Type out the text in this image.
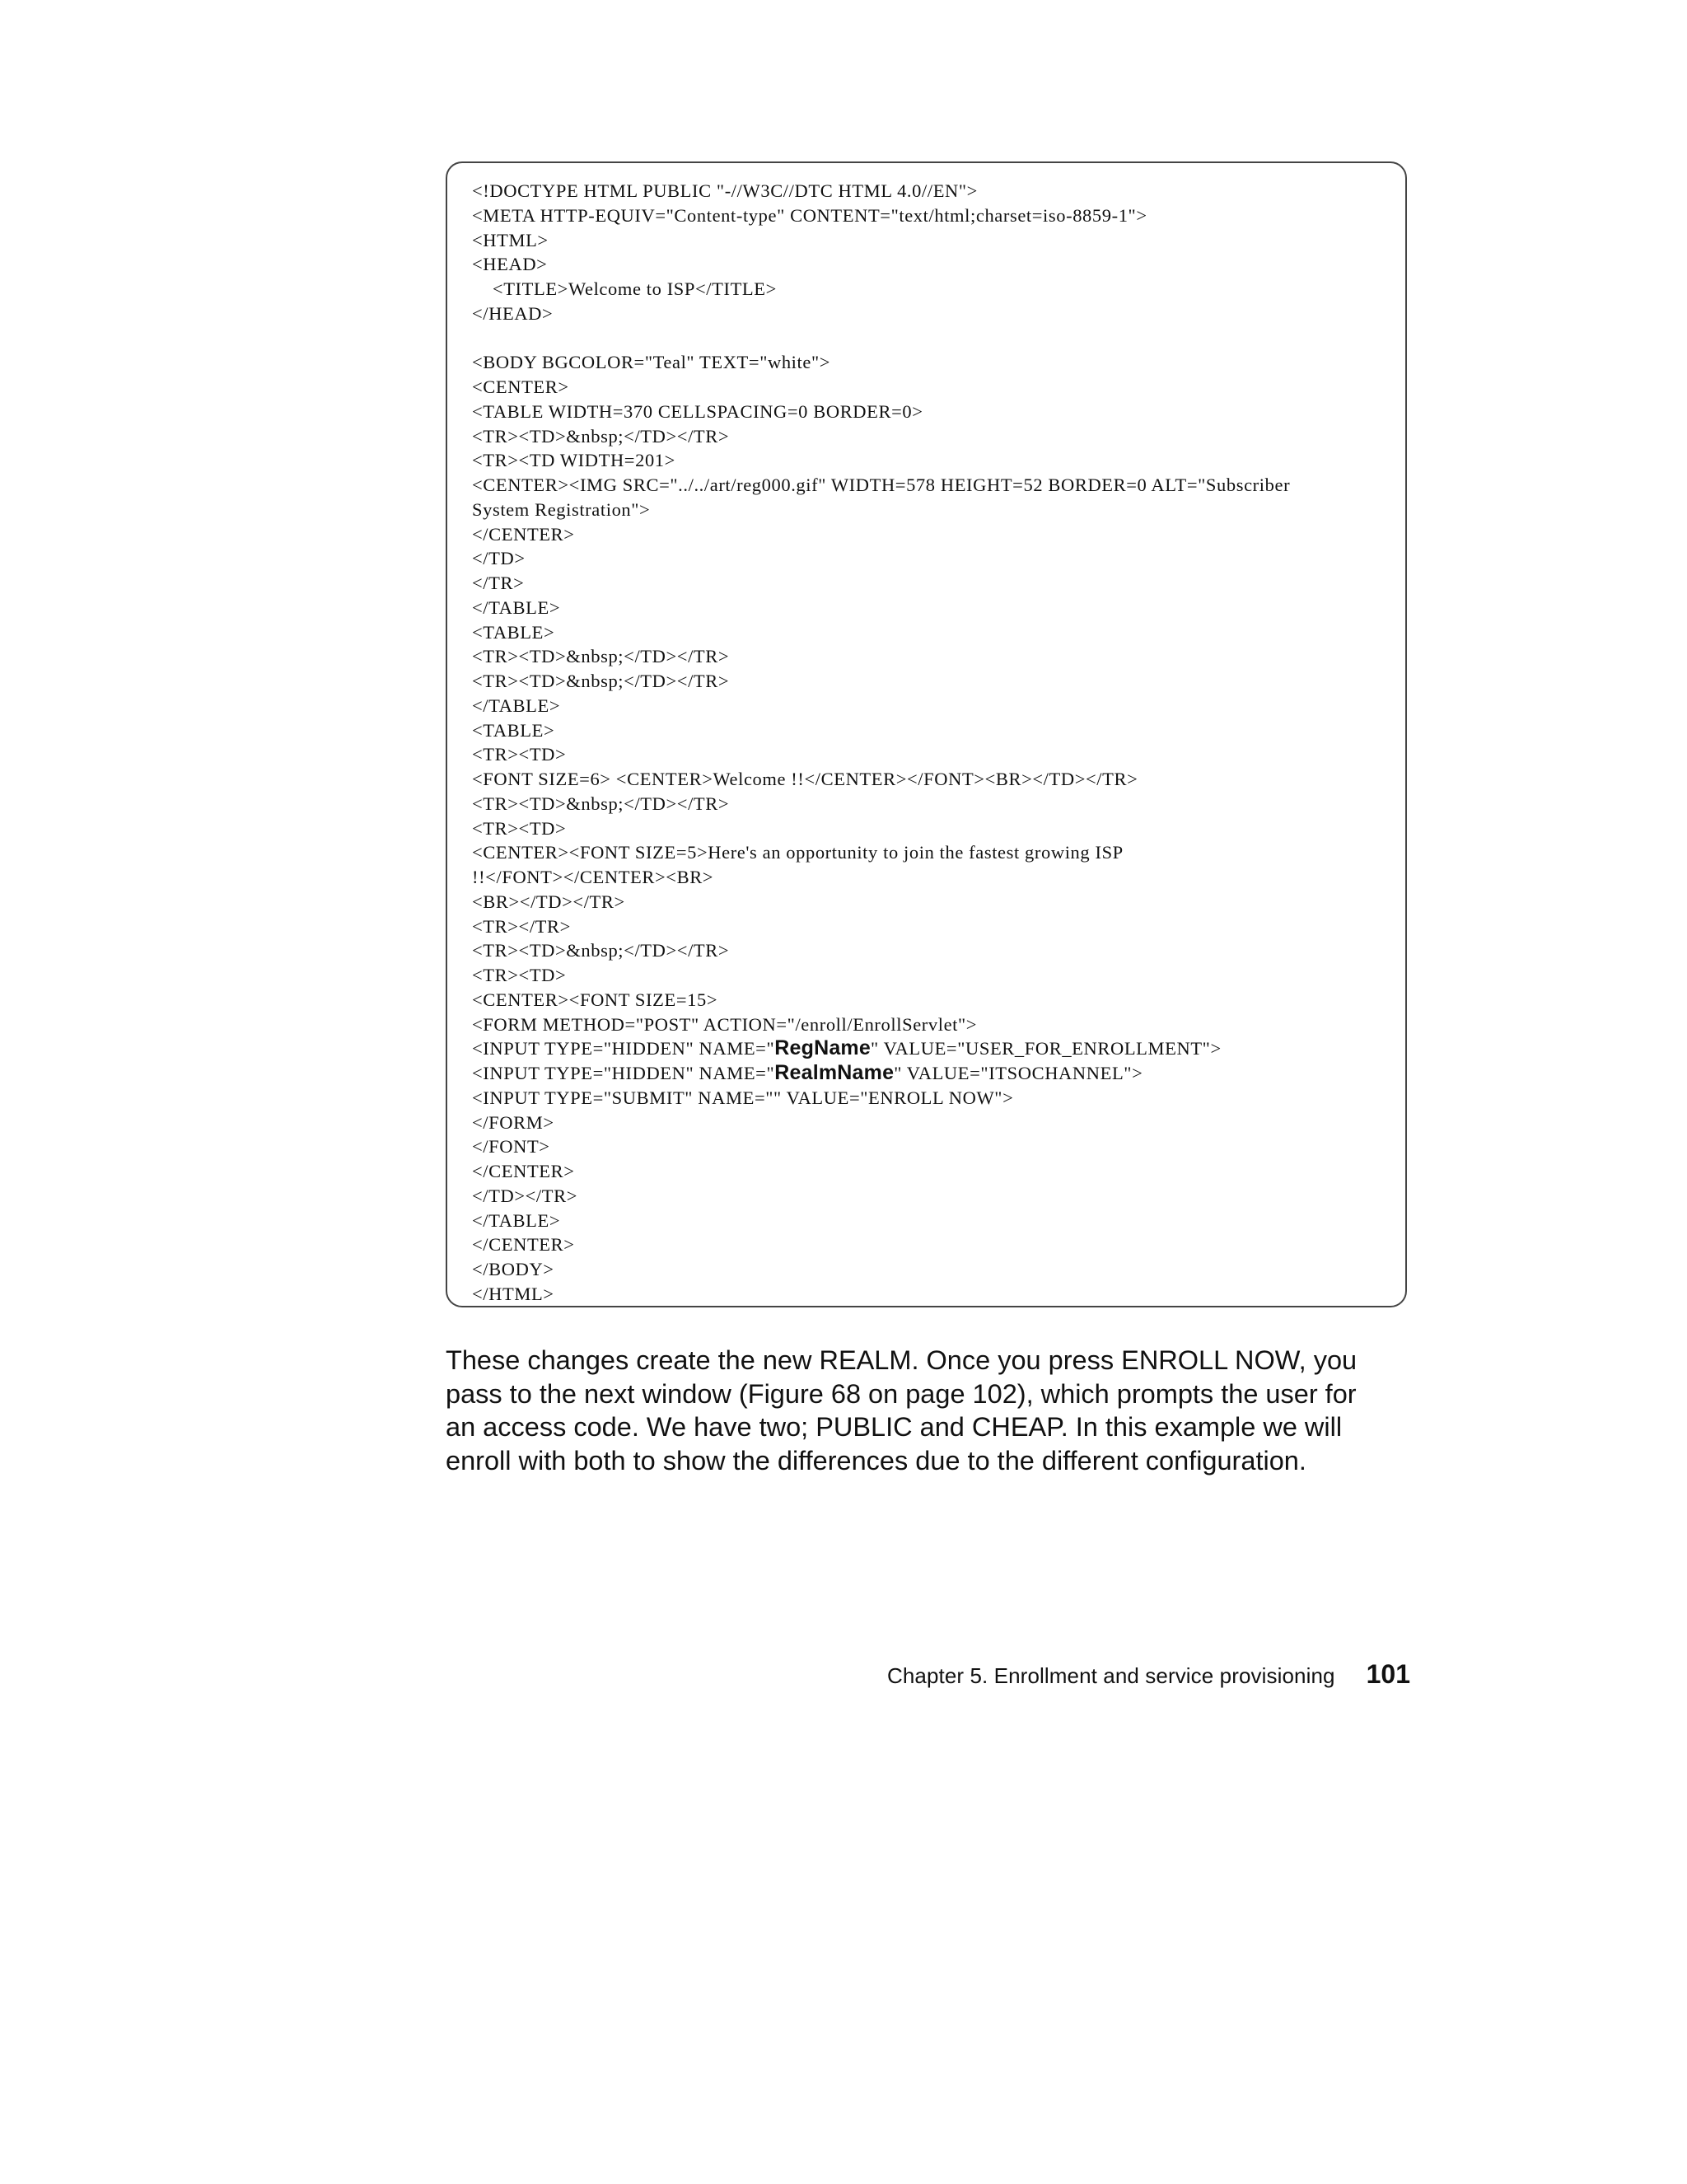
<!DOCTYPE HTML PUBLIC "-//W3C//DTC HTML 4.0//EN">
<META HTTP-EQUIV="Content-type" CONTENT="text/html;charset=iso-8859-1">
<HTML>
<HEAD>
<TITLE>Welcome to ISP</TITLE>
</HEAD>
<BODY BGCOLOR="Teal" TEXT="white">
<CENTER>
<TABLE WIDTH=370 CELLSPACING=0 BORDER=0>
<TR><TD>&nbsp;</TD></TR>
<TR><TD WIDTH=201>
<CENTER><IMG SRC="../../art/reg000.gif" WIDTH=578 HEIGHT=52 BORDER=0 ALT="Subscriber
System Registration">
</CENTER>
</TD>
</TR>
</TABLE>
<TABLE>
<TR><TD>&nbsp;</TD></TR>
<TR><TD>&nbsp;</TD></TR>
</TABLE>
<TABLE>
<TR><TD>
<FONT SIZE=6> <CENTER>Welcome !!</CENTER></FONT><BR></TD></TR>
<TR><TD>&nbsp;</TD></TR>
<TR><TD>
<CENTER><FONT SIZE=5>Here's an opportunity to join the fastest growing ISP
!!</FONT></CENTER><BR>
<BR></TD></TR>
<TR></TR>
<TR><TD>&nbsp;</TD></TR>
<TR><TD>
<CENTER><FONT SIZE=15>
<FORM METHOD="POST" ACTION="/enroll/EnrollServlet">
<INPUT TYPE="HIDDEN" NAME="RegName" VALUE="USER_FOR_ENROLLMENT">
<INPUT TYPE="HIDDEN" NAME="RealmName" VALUE="ITSOCHANNEL">
<INPUT TYPE="SUBMIT" NAME="" VALUE="ENROLL NOW">
</FORM>
</FONT>
</CENTER>
</TD></TR>
</TABLE>
</CENTER>
</BODY>
</HTML>

These changes create the new REALM. Once you press ENROLL NOW, you
pass to the next window (Figure 68 on page 102), which prompts the user for
an access code. We have two; PUBLIC and CHEAP. In this example we will
enroll with both to show the differences due to the different configuration.

Chapter 5. Enrollment and service provisioning 101
